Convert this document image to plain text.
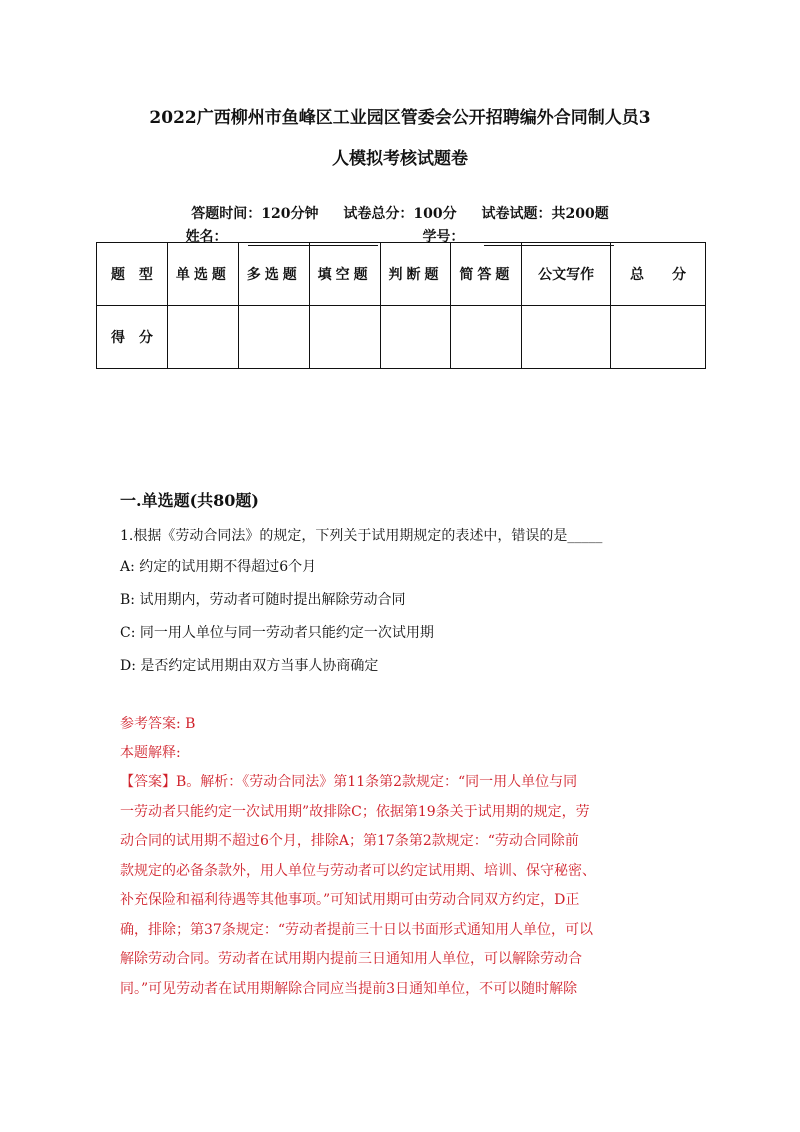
2022广西柳州市鱼峰区工业园区管委会公开招聘编外合同制人员3
人模拟考核试题卷
答题时间：120分钟 试卷总分：100分 试卷试题：共200题
姓名：	学号：
题　型	单选题	多选题	填空题	判断题	简答题	公文写作	总　　分
得　分							
一.单选题(共80题)
1.根据《劳动合同法》的规定，下列关于试用期规定的表述中，错误的是_____
A: 约定的试用期不得超过6个月
B: 试用期内，劳动者可随时提出解除劳动合同
C: 同一用人单位与同一劳动者只能约定一次试用期
D: 是否约定试用期由双方当事人协商确定
参考答案: B
本题解释:
【答案】B。解析：《劳动合同法》第11条第2款规定：“同一用人单位与同
一劳动者只能约定一次试用期”故排除C；依据第19条关于试用期的规定，劳
动合同的试用期不超过6个月，排除A；第17条第2款规定：“劳动合同除前
款规定的必备条款外，用人单位与劳动者可以约定试用期、培训、保守秘密、
补充保险和福利待遇等其他事项。”可知试用期可由劳动合同双方约定，D正
确，排除；第37条规定：“劳动者提前三十日以书面形式通知用人单位，可以
解除劳动合同。劳动者在试用期内提前三日通知用人单位，可以解除劳动合
同。”可见劳动者在试用期解除合同应当提前3日通知单位，不可以随时解除
